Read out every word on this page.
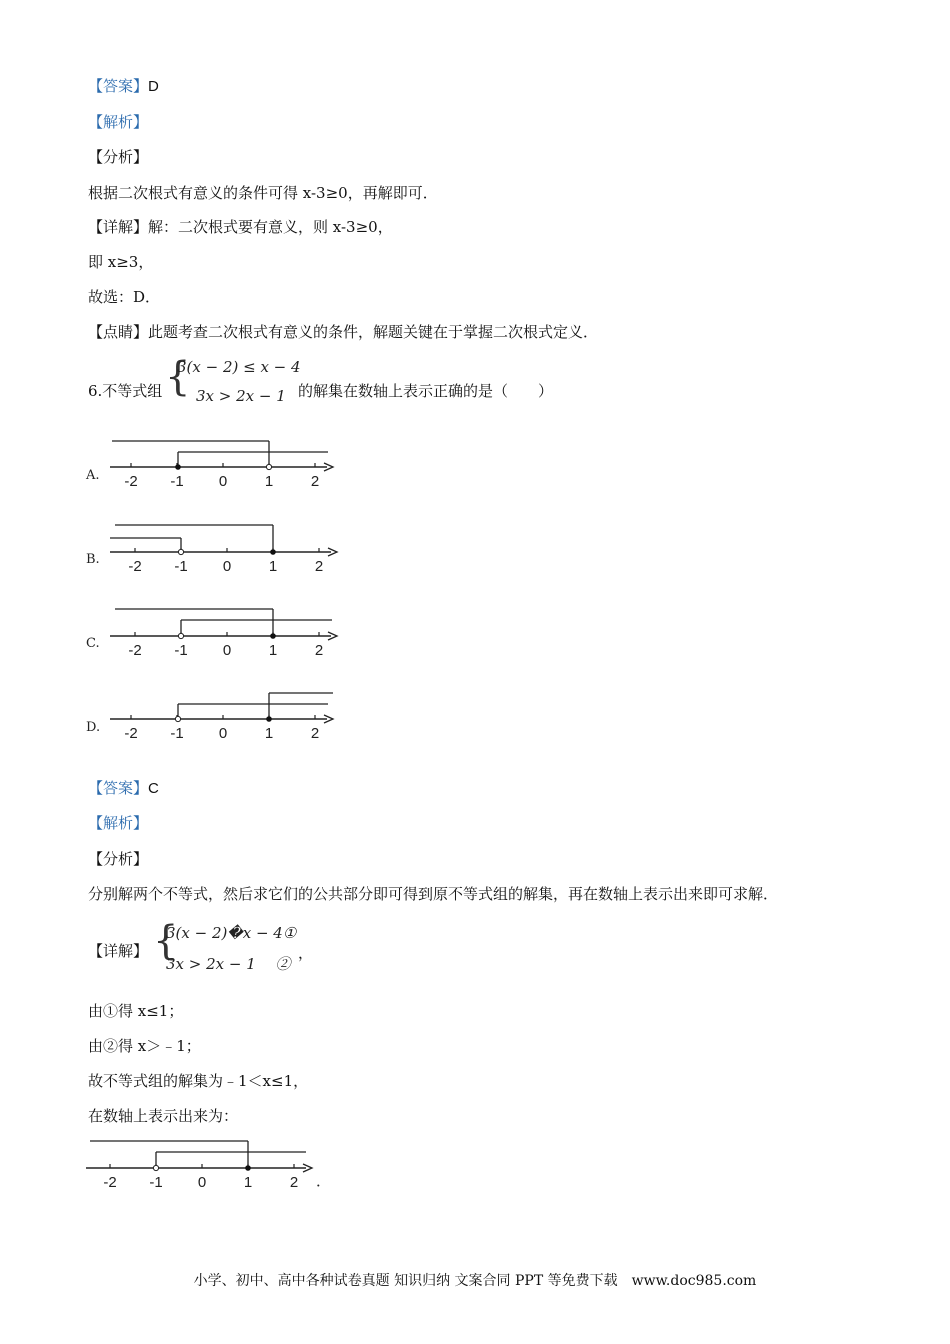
【答案】D
【解析】
【分析】
根据二次根式有意义的条件可得 x-3≥0，再解即可．
【详解】解：二次根式要有意义，则 x-3≥0，
即 x≥3，
故选：D．
【点睛】此题考查二次根式有意义的条件，解题关键在于掌握二次根式定义．
6.不等式组 {
3(x − 2) ≤ x − 4
3x > 2x − 1 的解集在数轴上表示正确的是（　　）
A.
B.
C.
D.
-2 -1 0	1	2
-2 -1 0	1	2
-2 -1 0	1	2
-2 -1 0	1	2
【答案】C
【解析】
【分析】
分别解两个不等式，然后求它们的公共部分即可得到原不等式组的解集，再在数轴上表示出来即可求解．
【详解】 {
3(x − 2)�x − 4①
3x > 2x − 1　 ②
，
由①得 x≤1；
由②得 x＞﹣1；
故不等式组的解集为﹣1＜x≤1，
在数轴上表示出来为：
-2 -1 0	1	2 ．
小学、初中、高中各种试卷真题 知识归纳 文案合同 PPT 等免费下载　www.doc985.com
